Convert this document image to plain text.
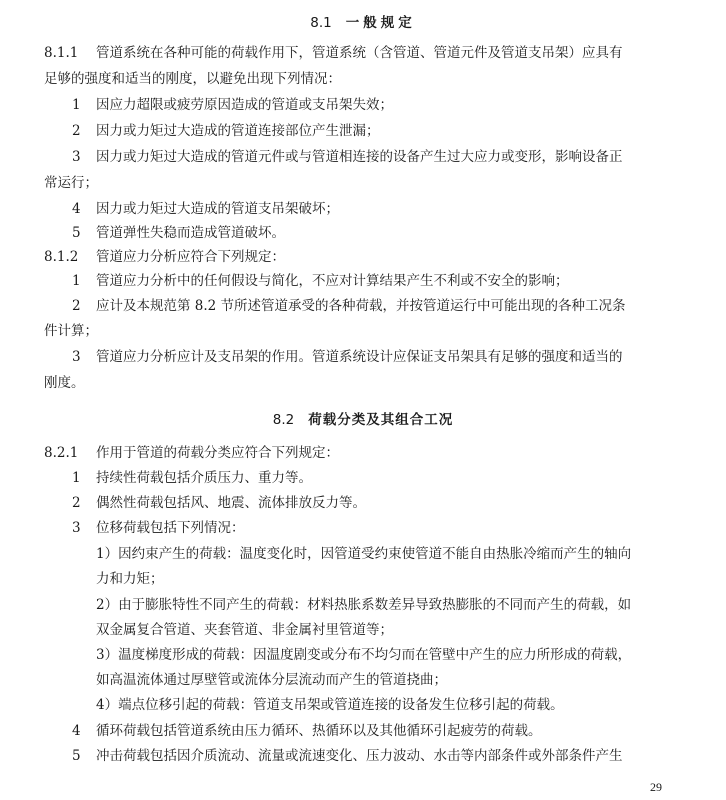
8.1 一般规定
8.1.1 管道系统在各种可能的荷载作用下，管道系统（含管道、管道元件及管道支吊架）应具有
足够的强度和适当的刚度，以避免出现下列情况：
1 因应力超限或疲劳原因造成的管道或支吊架失效；
2 因力或力矩过大造成的管道连接部位产生泄漏；
3 因力或力矩过大造成的管道元件或与管道相连接的设备产生过大应力或变形，影响设备正
常运行；
4 因力或力矩过大造成的管道支吊架破坏；
5 管道弹性失稳而造成管道破坏。
8.1.2 管道应力分析应符合下列规定：
1 管道应力分析中的任何假设与简化，不应对计算结果产生不利或不安全的影响；
2 应计及本规范第 8.2 节所述管道承受的各种荷载，并按管道运行中可能出现的各种工况条
件计算；
3 管道应力分析应计及支吊架的作用。管道系统设计应保证支吊架具有足够的强度和适当的
刚度。
8.2 荷载分类及其组合工况
8.2.1 作用于管道的荷载分类应符合下列规定：
1 持续性荷载包括介质压力、重力等。
2 偶然性荷载包括风、地震、流体排放反力等。
3 位移荷载包括下列情况：
1）因约束产生的荷载：温度变化时，因管道受约束使管道不能自由热胀冷缩而产生的轴向
力和力矩；
2）由于膨胀特性不同产生的荷载：材料热胀系数差异导致热膨胀的不同而产生的荷载，如
双金属复合管道、夹套管道、非金属衬里管道等；
3）温度梯度形成的荷载：因温度剧变或分布不均匀而在管壁中产生的应力所形成的荷载，
如高温流体通过厚壁管或流体分层流动而产生的管道挠曲；
4）端点位移引起的荷载：管道支吊架或管道连接的设备发生位移引起的荷载。
4 循环荷载包括管道系统由压力循环、热循环以及其他循环引起疲劳的荷载。
5 冲击荷载包括因介质流动、流量或流速变化、压力波动、水击等内部条件或外部条件产生
29
